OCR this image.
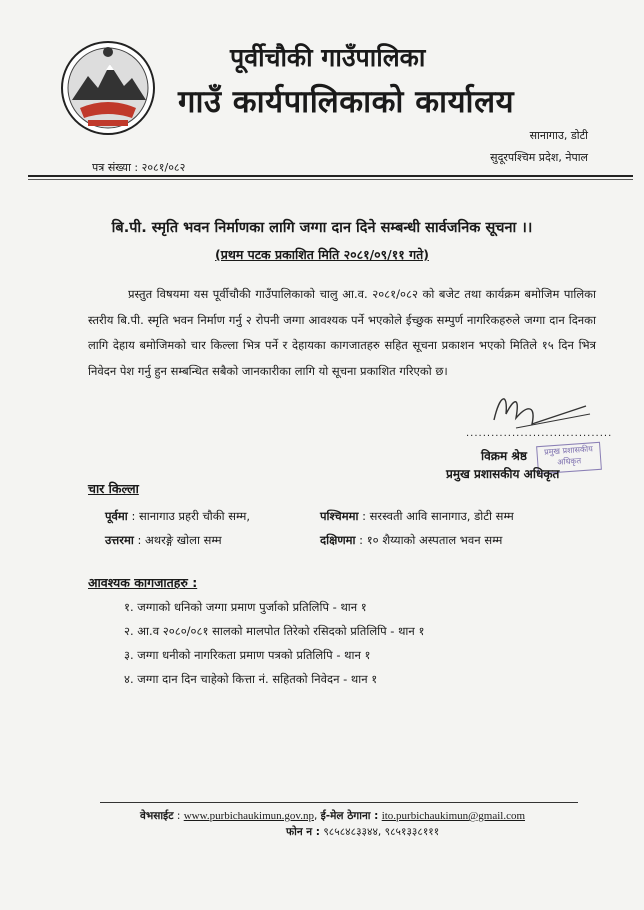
पूर्वीचौकी गाउँपालिका
गाउँ कार्यपालिकाको कार्यालय
सानागाउ, डोटी
सुदूरपश्चिम प्रदेश, नेपाल
पत्र संख्या : २०८१/०८२
बि.पी. स्मृति भवन निर्माणका लागि जग्गा दान दिने सम्बन्धी सार्वजनिक सूचना ।।
(प्रथम पटक प्रकाशित मिति २०८१/०९/११ गते)
प्रस्तुत विषयमा यस पूर्वीचौकी गाउँपालिकाको चालु आ.व. २०८१/०८२ को बजेट तथा कार्यक्रम बमोजिम पालिका स्तरीय बि.पी. स्मृति भवन निर्माण गर्नु २ रोपनी जग्गा आवश्यक पर्ने भएकोले ईच्छुक सम्पुर्ण नागरिकहरुले जग्गा दान दिनका लागि देहाय बमोजिमको चार किल्ला भित्र पर्ने र देहायका कागजातहरु सहित सूचना प्रकाशन भएको मितिले १५ दिन भित्र निवेदन पेश गर्नु हुन सम्बन्धित सबैको जानकारीका लागि यो सूचना प्रकाशित गरिएको छ।
...................................
प्रमुख प्रशासकीय अधिकृत
विक्रम श्रेष्ठ
प्रमुख प्रशासकीय अधिकृत
चार किल्ला
पूर्वमा : सानागाउ प्रहरी चौकी सम्म,	पश्चिममा : सरस्वती आवि सानागाउ, डोटी सम्म
उत्तरमा : अथरङ्गे खोला सम्म	दक्षिणमा : १० शैय्याको अस्पताल भवन सम्म
आवश्यक कागजातहरु :
१. जग्गाको धनिको जग्गा प्रमाण पुर्जाको प्रतिलिपि - थान १
२. आ.व २०८०/०८१ सालको मालपोत तिरेको रसिदको प्रतिलिपि - थान १
३. जग्गा धनीको नागरिकता प्रमाण पत्रको प्रतिलिपि - थान १
४. जग्गा दान दिन चाहेको कित्ता नं. सहितको निवेदन - थान १
वेभसाईट : www.purbichaukimun.gov.np, ई-मेल ठेगाना : ito.purbichaukimun@gmail.com
फोन न : ९८५८४८३३४४, ९८५१३३८१११
